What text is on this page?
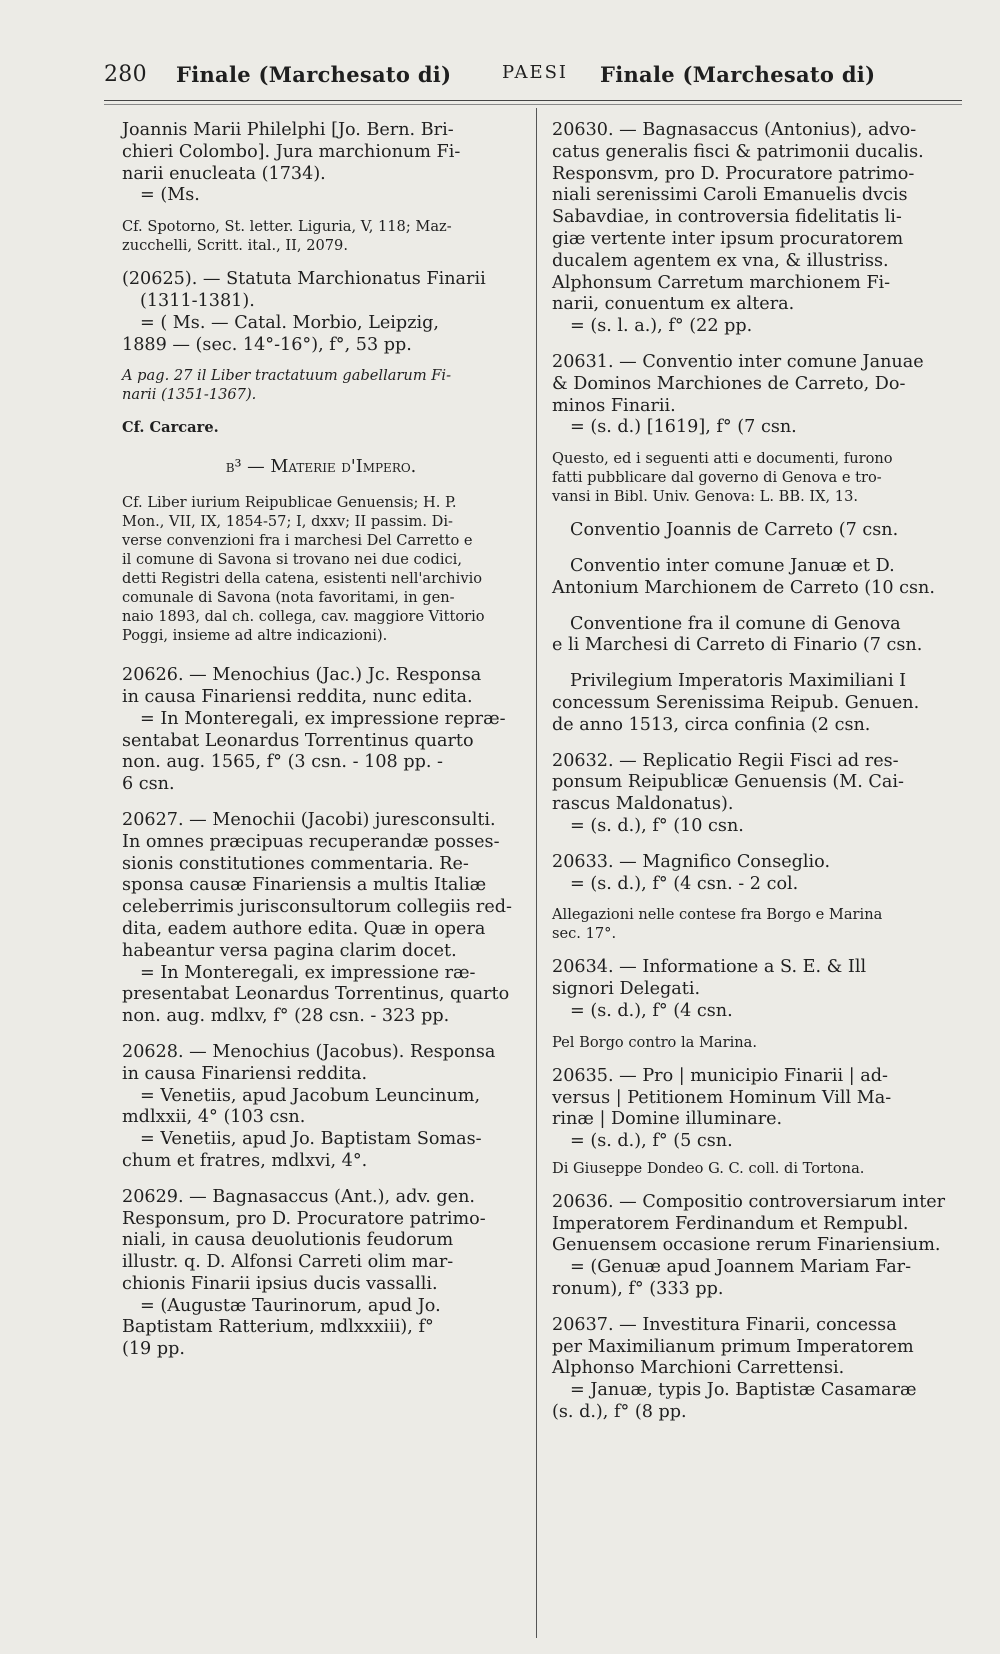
280 Finale (Marchesato di)	PAESI Finale (Marchesato di)

Joannis Marii Philelphi [Jo. Bern. Bri-

chieri Colombo]. Jura marchionum Fi-

narii enucleata (1734).

= (Ms.

Cf. Spotorno, St. letter. Liguria, V, 118; Maz-

zucchelli, Scritt. ital., II, 2079.

(20625). — Statuta Marchionatus Finarii

(1311-1381).

= ( Ms. — Catal. Morbio, Leipzig,

1889 — (sec. 14°-16°), f°, 53 pp.

A pag. 27 il Liber tractatuum gabellarum Fi-

narii (1351-1367).

Cf. Carcare.

b³ — Materie d'Impero.

Cf. Liber iurium Reipublicae Genuensis; H. P.

Mon., VII, IX, 1854-57; I, dxxv; II passim. Di-

verse convenzioni fra i marchesi Del Carretto e

il comune di Savona si trovano nei due codici,

detti Registri della catena, esistenti nell'archivio

comunale di Savona (nota favoritami, in gen-

naio 1893, dal ch. collega, cav. maggiore Vittorio

Poggi, insieme ad altre indicazioni).

20626. — Menochius (Jac.) Jc. Responsa

in causa Finariensi reddita, nunc edita.

= In Monteregali, ex impressione repræ-

sentabat Leonardus Torrentinus quarto

non. aug. 1565, f° (3 csn. - 108 pp. -

6 csn.

20627. — Menochii (Jacobi) juresconsulti.

In omnes præcipuas recuperandæ posses-

sionis constitutiones commentaria. Re-

sponsa causæ Finariensis a multis Italiæ

celeberrimis jurisconsultorum collegiis red-

dita, eadem authore edita. Quæ in opera

habeantur versa pagina clarim docet.

= In Monteregali, ex impressione ræ-

presentabat Leonardus Torrentinus, quarto

non. aug. mdlxv, f° (28 csn. - 323 pp.

20628. — Menochius (Jacobus). Responsa

in causa Finariensi reddita.

= Venetiis, apud Jacobum Leuncinum,

mdlxxii, 4° (103 csn.

= Venetiis, apud Jo. Baptistam Somas-

chum et fratres, mdlxvi, 4°.

20629. — Bagnasaccus (Ant.), adv. gen.

Responsum, pro D. Procuratore patrimo-

niali, in causa deuolutionis feudorum

illustr. q. D. Alfonsi Carreti olim mar-

chionis Finarii ipsius ducis vassalli.

= (Augustæ Taurinorum, apud Jo.

Baptistam Ratterium, mdlxxxiii), f°

(19 pp.

20630. — Bagnasaccus (Antonius), advo-

catus generalis fisci & patrimonii ducalis.

Responsvm, pro D. Procuratore patrimo-

niali serenissimi Caroli Emanuelis dvcis

Sabavdiae, in controversia fidelitatis li-

giæ vertente inter ipsum procuratorem

ducalem agentem ex vna, & illustriss.

Alphonsum Carretum marchionem Fi-

narii, conuentum ex altera.

= (s. l. a.), f° (22 pp.

20631. — Conventio inter comune Januae

& Dominos Marchiones de Carreto, Do-

minos Finarii.

= (s. d.) [1619], f° (7 csn.

Questo, ed i seguenti atti e documenti, furono

fatti pubblicare dal governo di Genova e tro-

vansi in Bibl. Univ. Genova: L. BB. IX, 13.

Conventio Joannis de Carreto (7 csn.

Conventio inter comune Januæ et D.

Antonium Marchionem de Carreto (10 csn.

Conventione fra il comune di Genova

e li Marchesi di Carreto di Finario (7 csn.

Privilegium Imperatoris Maximiliani I

concessum Serenissima Reipub. Genuen.

de anno 1513, circa confinia (2 csn.

20632. — Replicatio Regii Fisci ad res-

ponsum Reipublicæ Genuensis (M. Cai-

rascus Maldonatus).

= (s. d.), f° (10 csn.

20633. — Magnifico Conseglio.

= (s. d.), f° (4 csn. - 2 col.

Allegazioni nelle contese fra Borgo e Marina

sec. 17°.

20634. — Informatione a S. E. & Ill

signori Delegati.

= (s. d.), f° (4 csn.

Pel Borgo contro la Marina.

20635. — Pro | municipio Finarii | ad-

versus | Petitionem Hominum Vill Ma-

rinæ | Domine illuminare.

= (s. d.), f° (5 csn.

Di Giuseppe Dondeo G. C. coll. di Tortona.

20636. — Compositio controversiarum inter

Imperatorem Ferdinandum et Rempubl.

Genuensem occasione rerum Finariensium.

= (Genuæ apud Joannem Mariam Far-

ronum), f° (333 pp.

20637. — Investitura Finarii, concessa

per Maximilianum primum Imperatorem

Alphonso Marchioni Carrettensi.

= Januæ, typis Jo. Baptistæ Casamaræ

(s. d.), f° (8 pp.
